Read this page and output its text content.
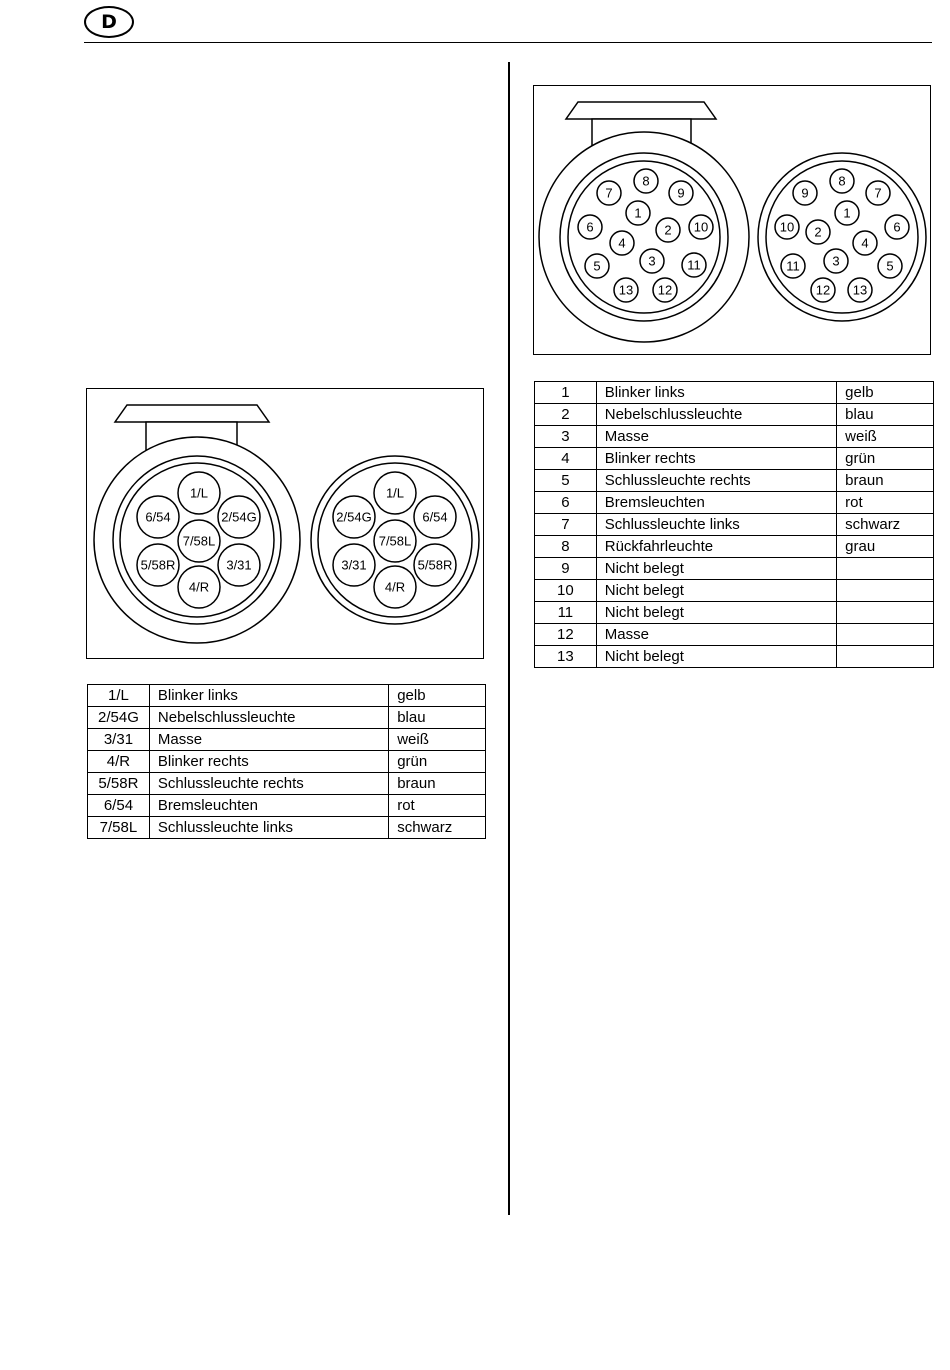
D
1/L
2/54G
6/54
7/58L
5/58R	3/31
4/R
1/L
2/54G	6/54
7/58L
3/31	5/58R
4/R
1/L	Blinker links	gelb
2/54G	Nebelschlussleuchte	blau
3/31	Masse	weiß
4/R	Blinker rechts	grün
5/58R	Schlussleuchte rechts	braun
6/54	Bremsleuchten	rot
7/58L	Schlussleuchte links	schwarz
8
7	9
1
6	2 10
4
3
5	11
13 12
8
9	7
1
10 2	6
4
3
11	5
12 13
1	Blinker links	gelb
2	Nebelschlussleuchte	blau
3	Masse	weiß
4	Blinker rechts	grün
5	Schlussleuchte rechts	braun
6	Bremsleuchten	rot
7	Schlussleuchte links	schwarz
8	Rückfahrleuchte	grau
9	Nicht belegt	
10	Nicht belegt	
11	Nicht belegt	
12	Masse	
13	Nicht belegt	
